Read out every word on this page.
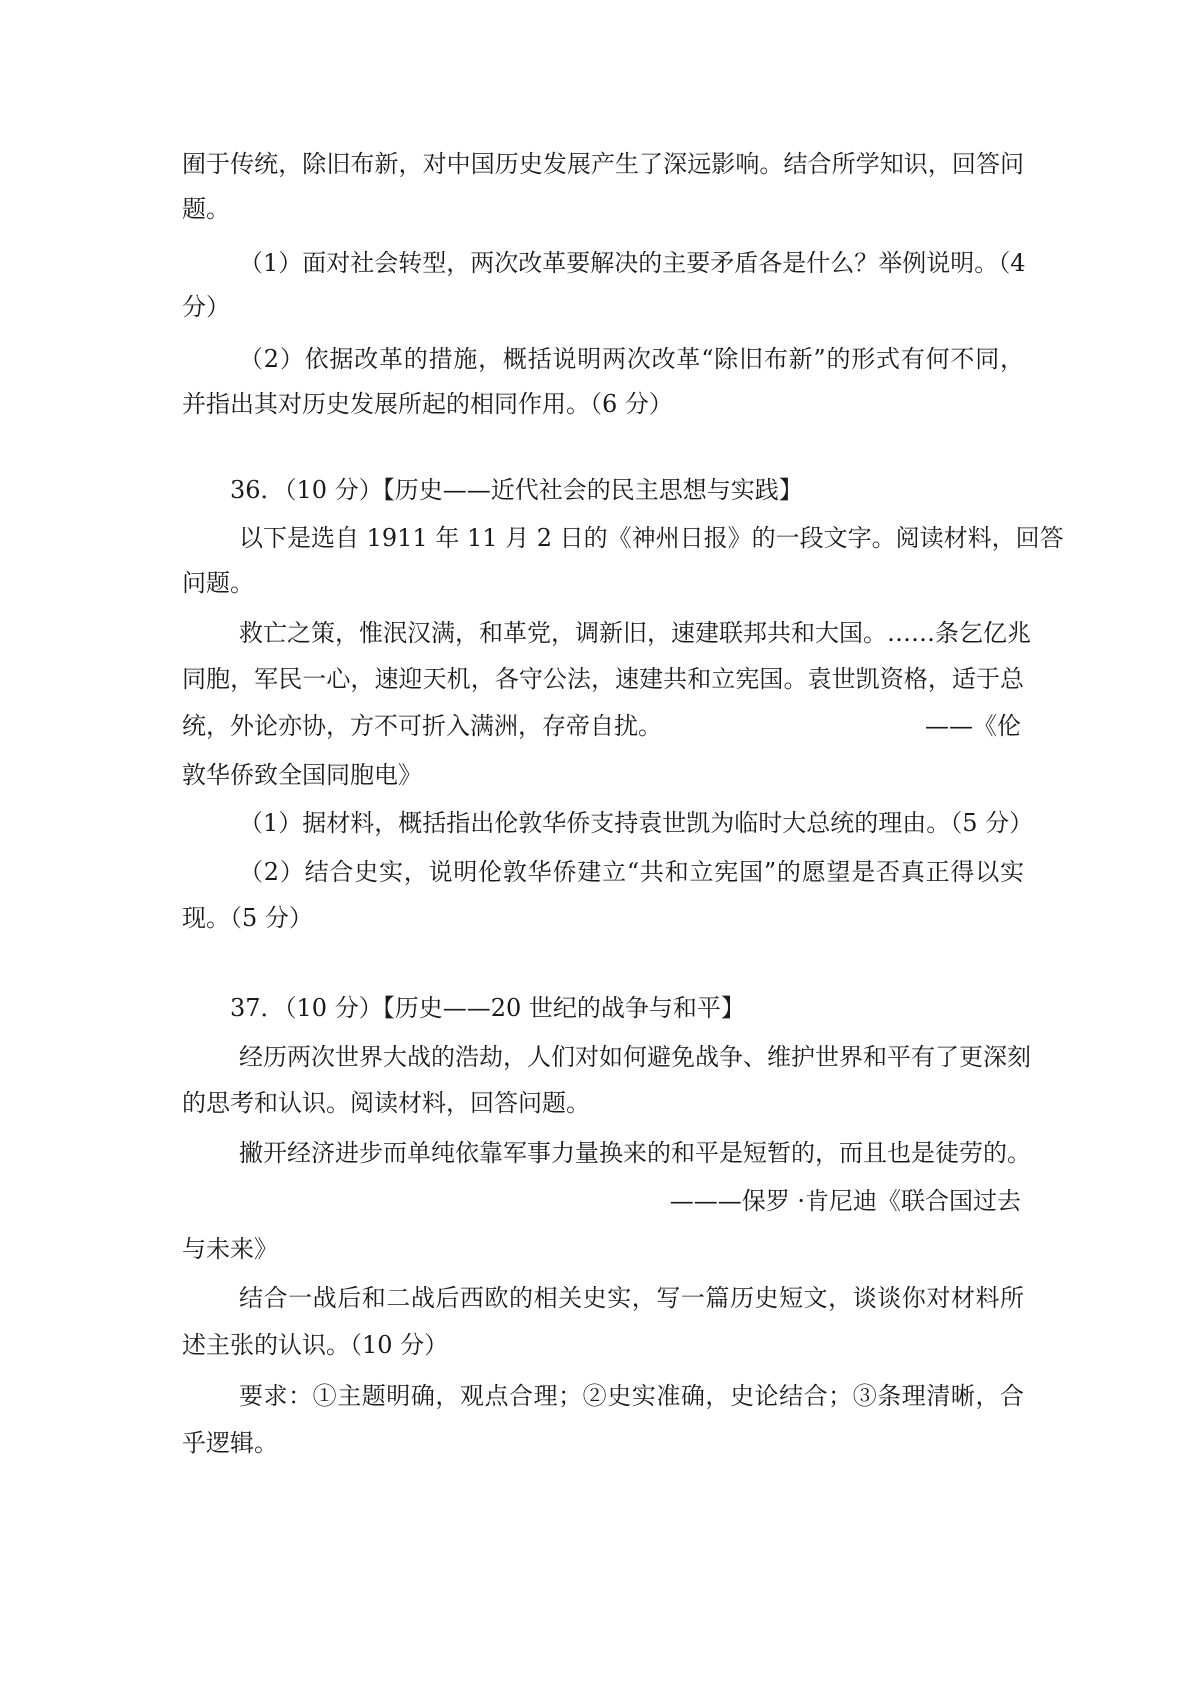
囿于传统，除旧布新，对中国历史发展产生了深远影响。结合所学知识，回答问
题。
（1）面对社会转型，两次改革要解决的主要矛盾各是什么？举例说明。（4
分）
（2）依据改革的措施，概括说明两次改革“除旧布新”的形式有何不同，
并指出其对历史发展所起的相同作用。（6 分）
36．（10 分）【历史——近代社会的民主思想与实践】
以下是选自 1911 年 11 月 2 日的《神州日报》的一段文字。阅读材料，回答
问题。
救亡之策，惟泯汉满，和革党，调新旧，速建联邦共和大国。……条乞亿兆
同胞，军民一心，速迎天机，各守公法，速建共和立宪国。袁世凯资格，适于总
统，外论亦协，方不可折入满洲，存帝自扰。	——《伦
敦华侨致全国同胞电》
（1）据材料，概括指出伦敦华侨支持袁世凯为临时大总统的理由。（5 分）
（2）结合史实，说明伦敦华侨建立“共和立宪国”的愿望是否真正得以实
现。（5 分）
37．（10 分）【历史——20 世纪的战争与和平】
经历两次世界大战的浩劫，人们对如何避免战争、维护世界和平有了更深刻
的思考和认识。阅读材料，回答问题。
撇开经济进步而单纯依靠军事力量换来的和平是短暂的，而且也是徒劳的。
———保罗 ·肯尼迪《联合国过去
与未来》
结合一战后和二战后西欧的相关史实，写一篇历史短文，谈谈你对材料所
述主张的认识。（10 分）
要求：①主题明确，观点合理；②史实准确，史论结合；③条理清晰，合
乎逻辑。
